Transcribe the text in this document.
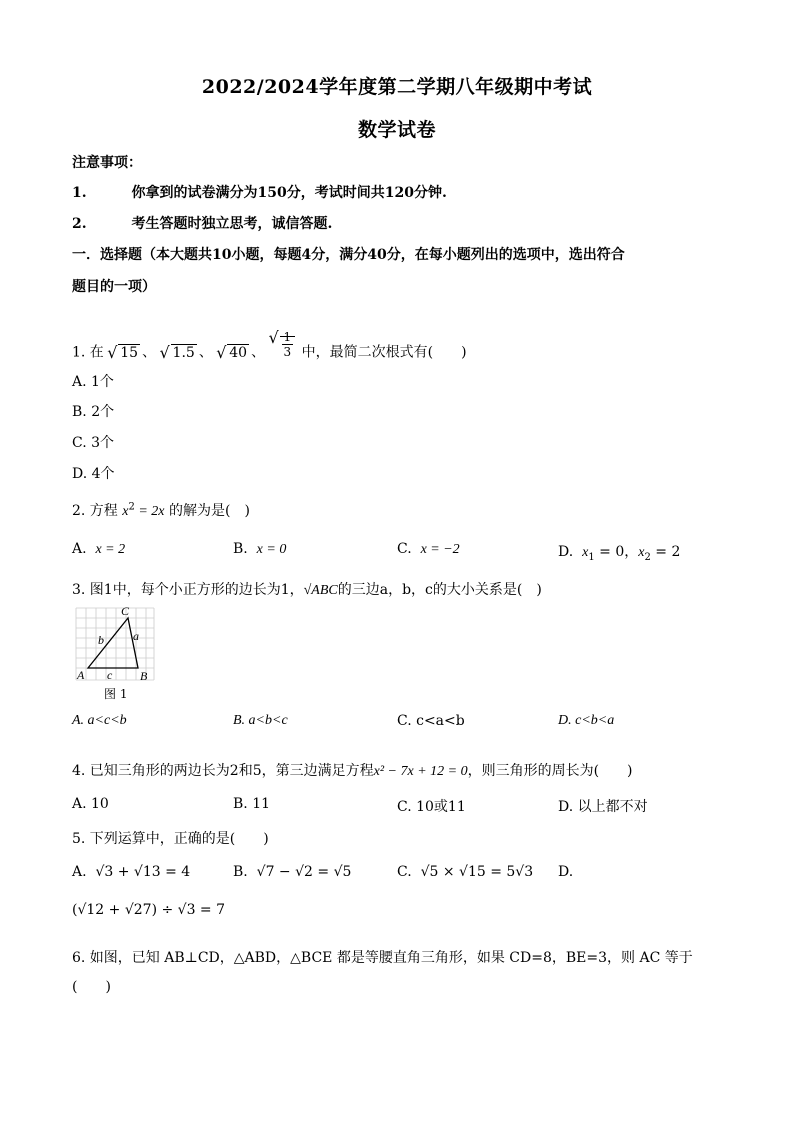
2022/2024学年度第二学期八年级期中考试
数学试卷
注意事项：
1.	你拿到的试卷满分为150分，考试时间共120分钟.
2.	考生答题时独立思考，诚信答题.
一．选择题（本大题共10小题，每题4分，满分40分，在每小题列出的选项中，选出符合
题目的一项）
1. 在 √ 15 、 √ 1.5 、 √ 40 、 √ $\frac{1}{3}$ 中，最简二次根式有(　　)
A. 1个
B. 2个
C. 3个
D. 4个
2. 方程 $x^2 = 2x$ 的解为是(　)
A. x = 2	B. x = 0	C. x = −2	D. $x_1 = 0$，$x_2 = 2$
3. 图1中，每个小正方形的边长为1，√ABC的三边a，b，c的大小关系是(　)
A	B
C
a
b
c
图 1
A. a<c<b	B. a<b<c	C. c<a<b	D. c<b<a
4. 已知三角形的两边长为2和5，第三边满足方程x² − 7x + 12 = 0，则三角形的周长为(　　)
A. 10	B. 11	C. 10或11	D. 以上都不对
5. 下列运算中，正确的是(　　)
A. √3 + √13 = 4	B. √7 − √2 = √5	C. √5 × √15 = 5√3 D.
(√12 + √27) ÷ √3 = 7
6. 如图，已知 AB⊥CD，△ABD，△BCE 都是等腰直角三角形，如果 CD=8，BE=3，则 AC 等于
(　　)
